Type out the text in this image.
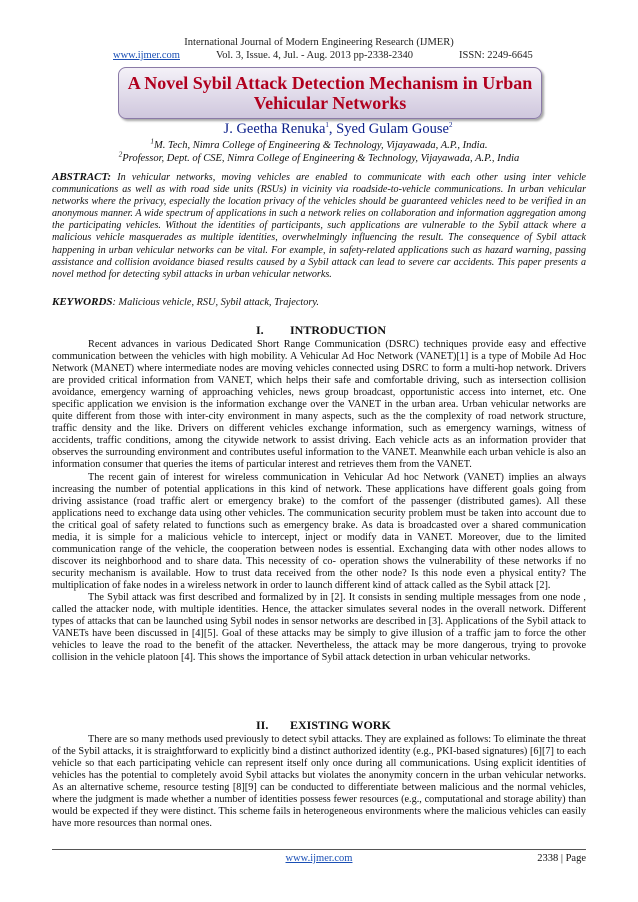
International Journal of Modern Engineering Research (IJMER)
www.ijmer.com	Vol. 3, Issue. 4, Jul. - Aug. 2013 pp-2338-2340	ISSN: 2249-6645
A Novel Sybil Attack Detection Mechanism in Urban
Vehicular Networks
J. Geetha Renuka$^1$, Syed Gulam Gouse$^2$
$^1$M. Tech, Nimra College of Engineering & Technology, Vijayawada, A.P., India.
$^2$Professor, Dept. of CSE, Nimra College of Engineering & Technology, Vijayawada, A.P., India
ABSTRACT: In vehicular networks, moving vehicles are enabled to communicate with each other using inter vehicle communications as well as with road side units (RSUs) in vicinity via roadside-to-vehicle communications. In urban vehicular networks where the privacy, especially the location privacy of the vehicles should be guaranteed vehicles need to be verified in an anonymous manner. A wide spectrum of applications in such a network relies on collaboration and information aggregation among the participating vehicles. Without the identities of participants, such applications are vulnerable to the Sybil attack where a malicious vehicle masquerades as multiple identities, overwhelmingly influencing the result. The consequence of Sybil attack happening in urban vehicular networks can be vital. For example, in safety-related applications such as hazard warning, passing assistance and collision avoidance biased results caused by a Sybil attack can lead to severe car accidents. This paper presents a novel method for detecting sybil attacks in urban vehicular networks.
KEYWORDS: Malicious vehicle, RSU, Sybil attack, Trajectory.
I. INTRODUCTION

Recent advances in various Dedicated Short Range Communication (DSRC) techniques provide easy and effective communication between the vehicles with high mobility. A Vehicular Ad Hoc Network (VANET)[1] is a type of Mobile Ad Hoc Network (MANET) where intermediate nodes are moving vehicles connected using DSRC to form a multi-hop network. Drivers are provided critical information from VANET, which helps their safe and comfortable driving, such as intersection collision avoidance, emergency warning of approaching vehicles, news group broadcast, opportunistic access into internet, etc. One specific application we envision is the information exchange over the VANET in the urban area. Urban vehicular networks are quite different from those with inter-city environment in many aspects, such as the the complexity of road network structure, traffic density and the like. Drivers on different vehicles exchange information, such as emergency warnings, witness of accidents, traffic conditions, among the citywide network to assist driving. Each vehicle acts as an information provider that observes the surrounding environment and contributes useful information to the VANET. Meanwhile each urban vehicle is also an information consumer that queries the items of particular interest and retrieves them from the VANET.

The recent gain of interest for wireless communication in Vehicular Ad hoc Network (VANET) implies an always increasing the number of potential applications in this kind of network. These applications have different goals going from driving assistance (road traffic alert or emergency brake) to the comfort of the passenger (distributed games). All these applications need to exchange data using other vehicles. The communication security problem must be taken into account due to the critical goal of safety related to functions such as emergency brake. As data is broadcasted over a shared communication media, it is simple for a malicious vehicle to intercept, inject or modify data in VANET. Moreover, due to the limited communication range of the vehicle, the cooperation between nodes is essential. Exchanging data with other nodes allows to discover its neighborhood and to share data. This necessity of co- operation shows the vulnerability of these networks if no security mechanism is available. How to trust data received from the other node? Is this node even a physical entity? The multiplication of fake nodes in a wireless network in order to launch different kind of attack called as the Sybil attack [2].

The Sybil attack was first described and formalized by in [2]. It consists in sending multiple messages from one node , called the attacker node, with multiple identities. Hence, the attacker simulates several nodes in the overall network. Different types of attacks that can be launched using Sybil nodes in sensor networks are described in [3]. Applications of the Sybil attack to VANETs have been discussed in [4][5]. Goal of these attacks may be simply to give illusion of a traffic jam to force the other vehicles to leave the road to the benefit of the attacker. Nevertheless, the attack may be more dangerous, trying to provoke collision in the vehicle platoon [4]. This shows the importance of Sybil attack detection in urban vehicular networks.

II. EXISTING WORK

There are so many methods used previously to detect sybil attacks. They are explained as follows: To eliminate the threat of the Sybil attacks, it is straightforward to explicitly bind a distinct authorized identity (e.g., PKI-based signatures) [6][7] to each vehicle so that each participating vehicle can represent itself only once during all communications. Using explicit identities of vehicles has the potential to completely avoid Sybil attacks but violates the anonymity concern in the urban vehicular networks. As an alternative scheme, resource testing [8][9] can be conducted to differentiate between malicious and the normal vehicles, where the judgment is made whether a number of identities possess fewer resources (e.g., computational and storage ability) than would be expected if they were distinct. This scheme fails in heterogeneous environments where the malicious vehicles can easily have more resources than normal ones.

www.ijmer.com	2338 | Page
